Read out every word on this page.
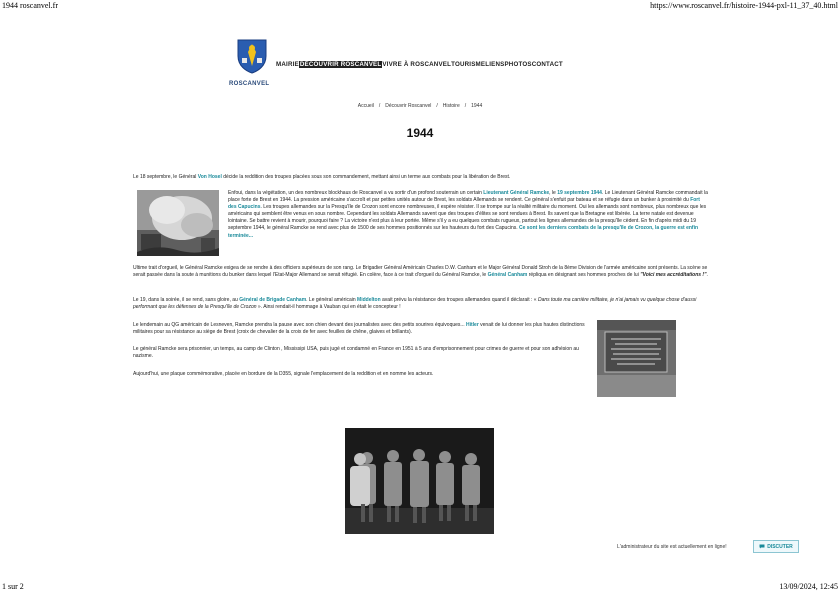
1944 roscanvel.fr	https://www.roscanvel.fr/histoire-1944-pxl-11_37_40.html
ROSCANVEL
MAIRIE DÉCOUVRIR ROSCANVEL VIVRE À ROSCANVEL TOURISME LIENS PHOTOS CONTACT
Accueil / Découvrir Roscanvel / Histoire / 1944
1944

Le 18 septembre, le Général Von Hosel décide la reddition des troupes placées sous son commandement, mettant ainsi un terme aux combats pour la libération de Brest.

Enfoui, dans la végétation, un des nombreux blockhaus de Roscanvel a vu sortir d'un profond souterrain un certain Lieutenant Général Ramcke, le 19 septembre 1944. Le Lieutenant Général Ramcke commandait la place forte de Brest en 1944. La pression américaine s'accroît et par petites unités autour de Brest, les soldats Allemands se rendent. Ce général s'enfuit par bateau et se réfugie dans un bunker à proximité du Fort des Capucins. Les troupes allemandes sur la Presqu'île de Crozon sont encore nombreuses, il espère résister. Il se trompe sur la réalité militaire du moment. Oui les allemands sont nombreux, plus nombreux que les américains qui semblent être venus en sous nombre. Cependant les soldats Allemands savent que des troupes d'élites se sont rendues à Brest. Ils savent que la Bretagne est libérée. La terre natale est devenue lointaine. Se battre revient à mourir, pourquoi faire ? La victoire n'est plus à leur portée. Même s'il y a eu quelques combats rugueux, partout les lignes allemandes de la presqu'île cèdent. En fin d'après midi du 19 septembre 1944, le général Ramcke se rend avec plus de 1500 de ses hommes positionnés sur les hauteurs du fort des Capucins. Ce sont les derniers combats de la presqu'île de Crozon, la guerre est enfin terminée...

Ultime trait d'orgueil, le Général Ramcke exigea de se rendre à des officiers supérieurs de son rang. Le Brigadier Général Américain Charles D.W. Canham et le Major Général Donald Stroh de la 8ème Division de l'armée américaine sont présents. La scène se serait passée dans la soute à munitions du bunker dans lequel l'Etat-Major Allemand se serait réfugié. En colère, face à ce trait d'orgueil du Général Ramcke, le Général Canham répliqua en désignant ses hommes proches de lui "Voici mes accréditations !".

Le 19, dans la soirée, il se rend, sans gloire, au Général de Brigade Canham. Le général américain Middelton avait prévu la résistance des troupes allemandes quand il déclarait : « Dans toute ma carrière militaire, je n'ai jamais vu quelque chose d'aussi performant que les défenses de la Presqu'île de Crozon ». Ainsi rendait-il hommage à Vauban qui en était le concepteur !

Le lendemain au QG américain de Lesneven, Ramcke prendra la pause avec son chien devant des journalistes avec des petits sourires équivoques... Hitler venait de lui donner les plus hautes distinctions militaires pour sa résistance au siège de Brest (croix de chevalier de la croix de fer avec feuilles de chêne, glaives et brillants).

Le général Ramcke sera prisonnier, un temps, au camp de Clinton , Mississipi USA, puis jugé et condamné en France en 1951 à 5 ans d'emprisonnement pour crimes de guerre et pour son adhésion au nazisme.

Aujourd'hui, une plaque commémorative, placée en bordure de la D355, signale l'emplacement de la reddition et en nomme les acteurs.

L'administrateur du site est actuellement en ligne!	DISCUTER
1 sur 2	13/09/2024, 12:45
